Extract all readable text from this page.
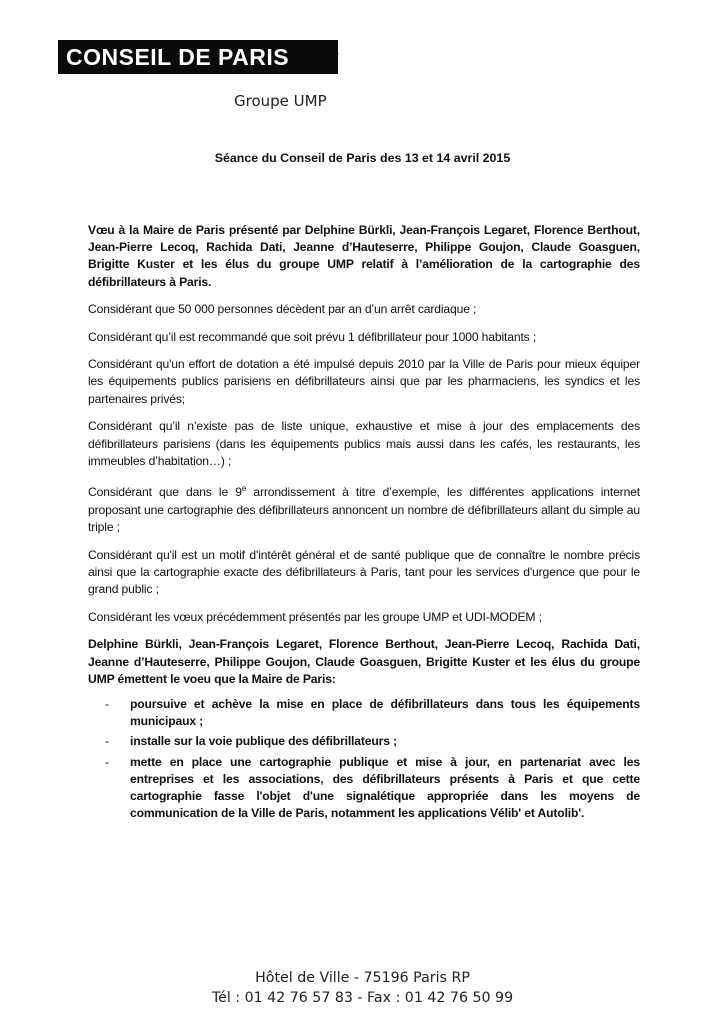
CONSEIL DE PARIS
Groupe UMP
Séance du Conseil de Paris des 13 et 14 avril 2015

Vœu à la Maire de Paris présenté par Delphine Bürkli, Jean-François Legaret, Florence Berthout, Jean-Pierre Lecoq, Rachida Dati, Jeanne d’Hauteserre, Philippe Goujon, Claude Goasguen, Brigitte Kuster et les élus du groupe UMP relatif à l’amélioration de la cartographie des défibrillateurs à Paris.

Considérant que 50 000 personnes décèdent par an d’un arrêt cardiaque ;

Considérant qu’il est recommandé que soit prévu 1 défibrillateur pour 1000 habitants ;

Considérant qu'un effort de dotation a été impulsé depuis 2010 par la Ville de Paris pour mieux équiper les équipements publics parisiens en défibrillateurs ainsi que par les pharmaciens, les syndics et les partenaires privés;

Considérant qu’il n’existe pas de liste unique, exhaustive et mise à jour des emplacements des défibrillateurs parisiens (dans les équipements publics mais aussi dans les cafés, les restaurants, les immeubles d’habitation…) ;

Considérant que dans le 9e arrondissement à titre d’exemple, les différentes applications internet proposant une cartographie des défibrillateurs annoncent un nombre de défibrillateurs allant du simple au triple ;

Considérant qu'il est un motif d'intérêt général et de santé publique que de connaître le nombre précis ainsi que la cartographie exacte des défibrillateurs à Paris, tant pour les services d'urgence que pour le grand public ;

Considérant les vœux précédemment présentés par les groupe UMP et UDI-MODEM ;

Delphine Bürkli, Jean-François Legaret, Florence Berthout, Jean-Pierre Lecoq, Rachida Dati, Jeanne d’Hauteserre, Philippe Goujon, Claude Goasguen, Brigitte Kuster et les élus du groupe UMP émettent le voeu que la Maire de Paris:

- poursuive et achève la mise en place de défibrillateurs dans tous les équipements municipaux ;
- installe sur la voie publique des défibrillateurs ;
- mette en place une cartographie publique et mise à jour, en partenariat avec les entreprises et les associations, des défibrillateurs présents à Paris et que cette cartographie fasse l'objet d'une signalétique appropriée dans les moyens de communication de la Ville de Paris, notamment les applications Vélib' et Autolib'.
Hôtel de Ville - 75196 Paris RP
Tél : 01 42 76 57 83 - Fax : 01 42 76 50 99
